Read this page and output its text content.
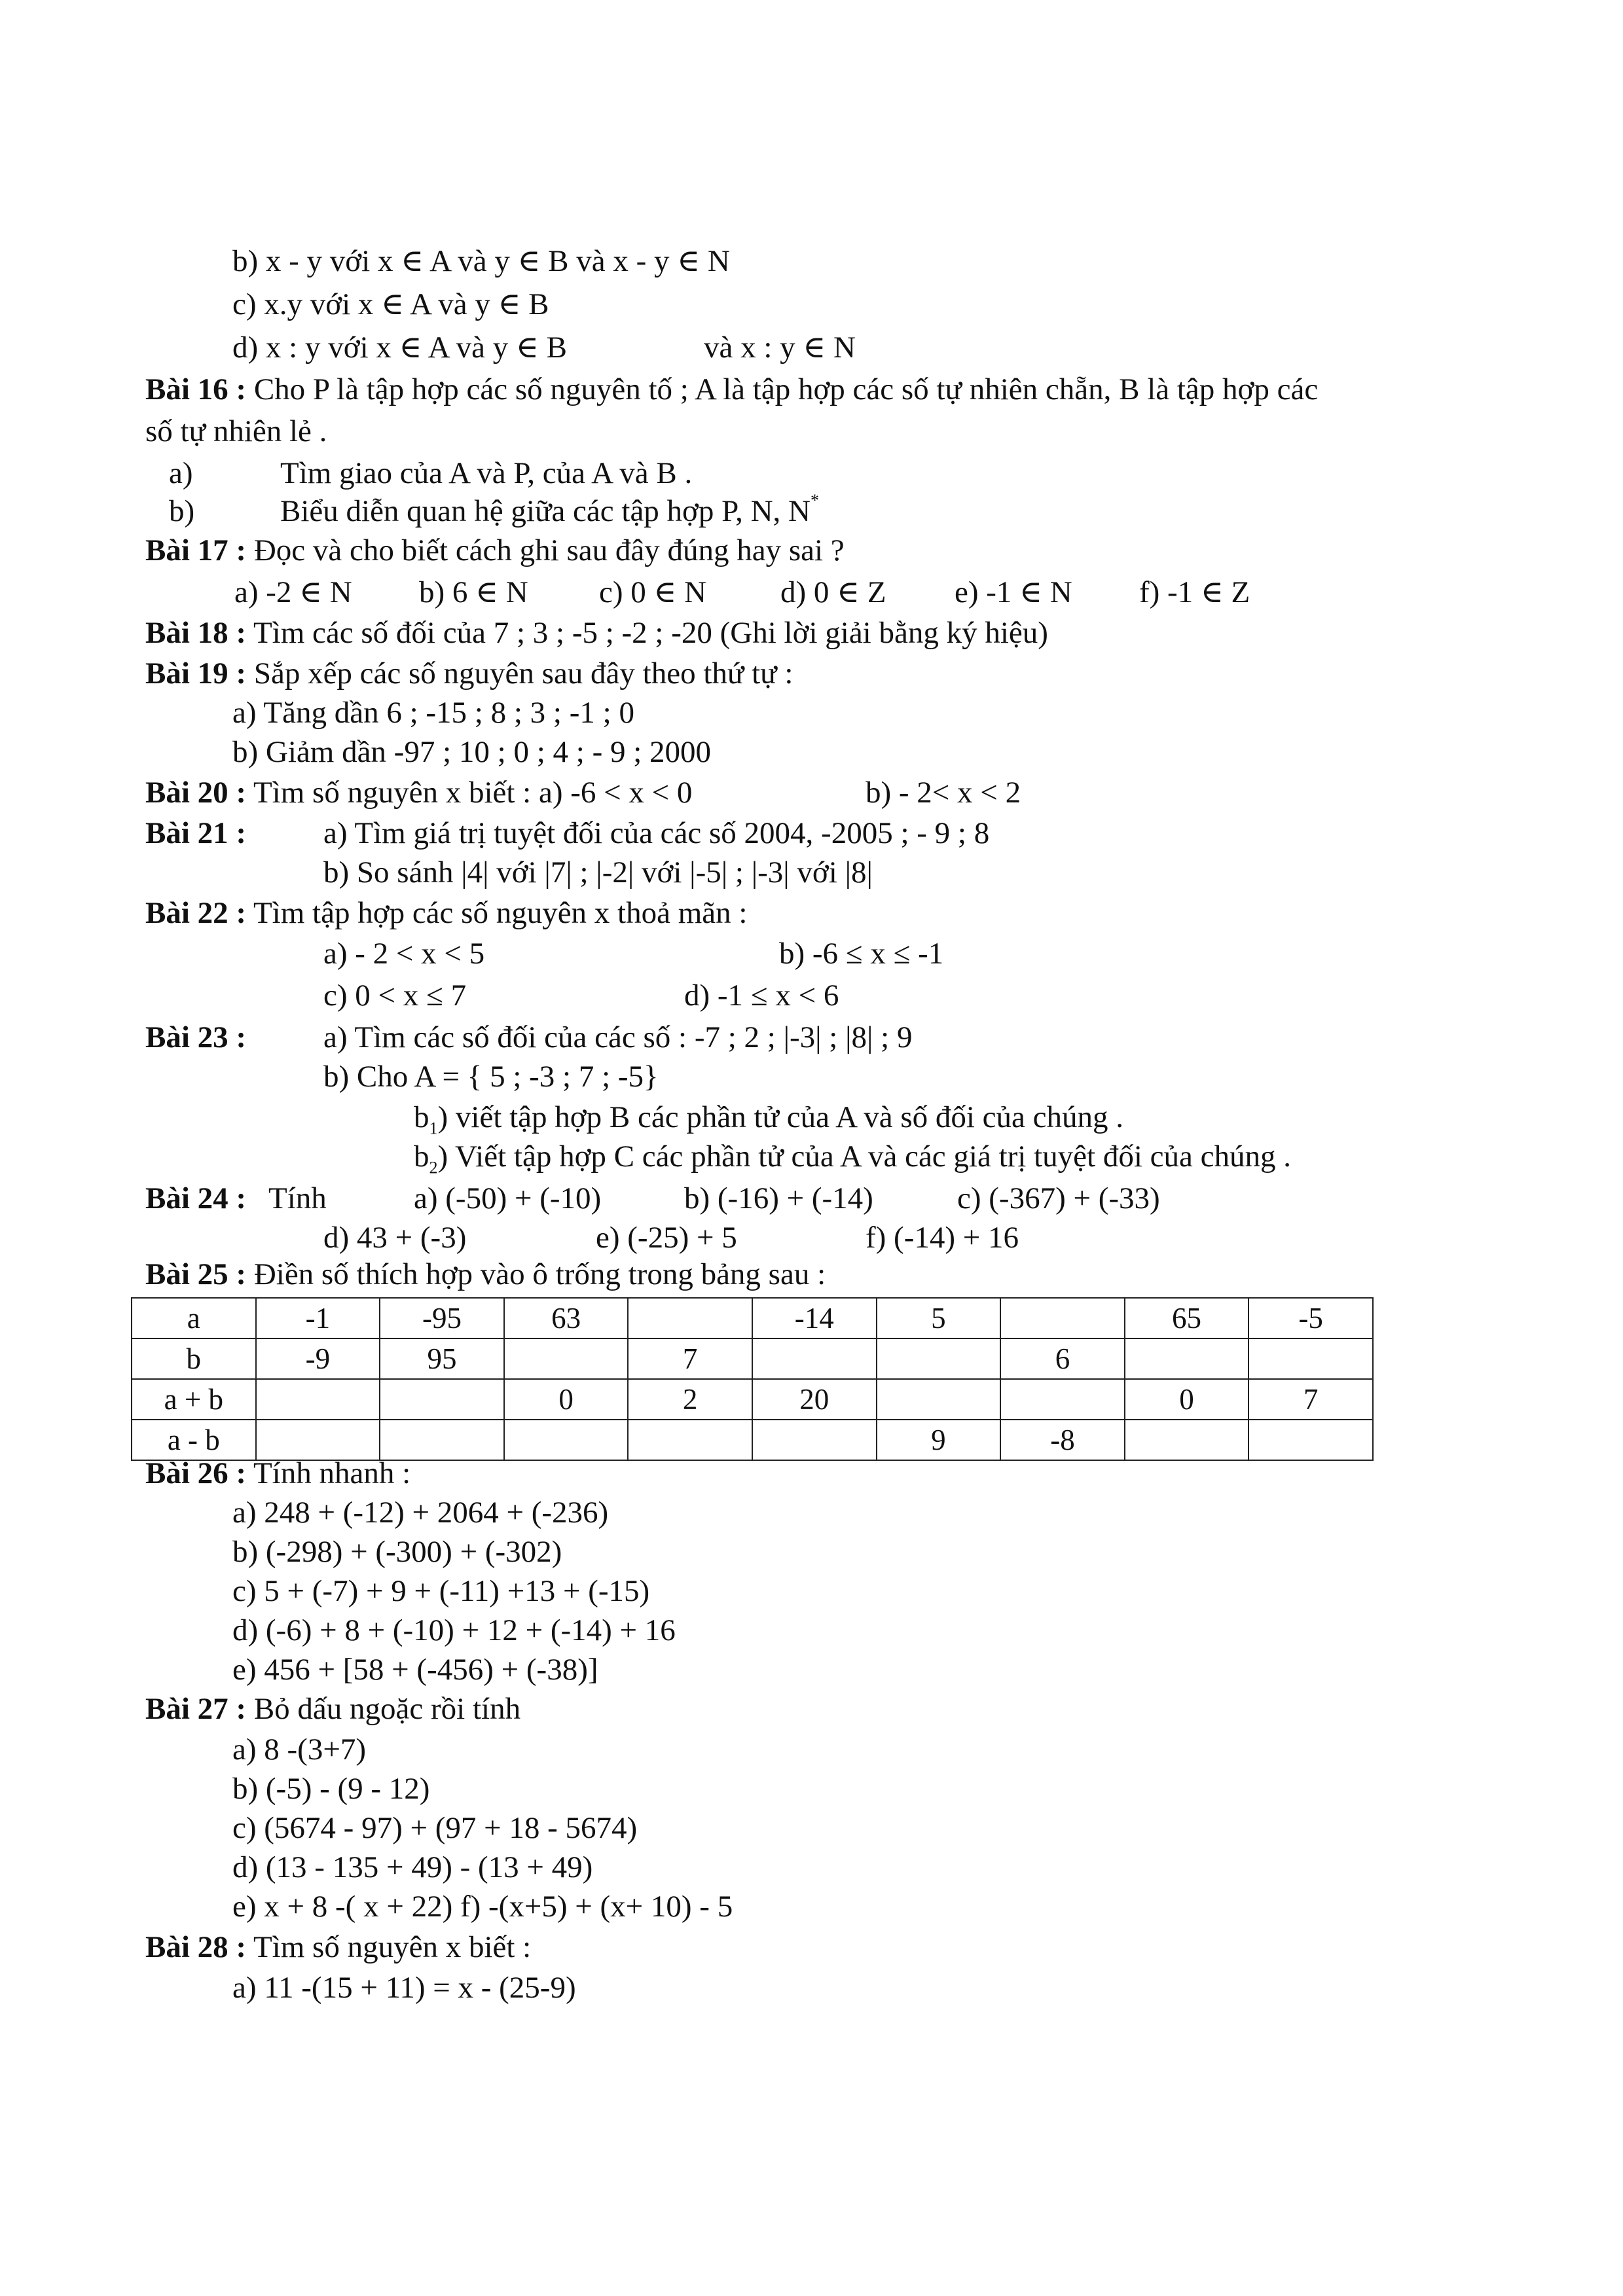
b) x - y với x ∈ A và y ∈ B và x - y ∈ N
c) x.y với x ∈ A và y ∈ B
d) x : y với x ∈ A và y ∈ B	và x : y ∈ N
Bài 16 : Cho P là tập hợp các số nguyên tố ; A là tập hợp các số tự nhiên chẵn, B là tập hợp các
số tự nhiên lẻ .
a)	Tìm giao của A và P, của A và B .
b)	Biểu diễn quan hệ giữa các tập hợp P, N, N*
Bài 17 : Đọc và cho biết cách ghi sau đây đúng hay sai ?
a) -2 ∈ N b) 6 ∈ N c) 0 ∈ N d) 0 ∈ Z e) -1 ∈ N f) -1 ∈ Z
Bài 18 : Tìm các số đối của 7 ; 3 ; -5 ; -2 ; -20 (Ghi lời giải bằng ký hiệu)
Bài 19 : Sắp xếp các số nguyên sau đây theo thứ tự :
a) Tăng dần 6 ; -15 ; 8 ; 3 ; -1 ; 0
b) Giảm dần -97 ; 10 ; 0 ; 4 ; - 9 ; 2000
Bài 20 : Tìm số nguyên x biết : a) -6 < x < 0	b) - 2< x < 2
Bài 21 :	a) Tìm giá trị tuyệt đối của các số 2004, -2005 ; - 9 ; 8
b) So sánh |4| với |7| ; |-2| với |-5| ; |-3| với |8|
Bài 22 : Tìm tập hợp các số nguyên x thoả mãn :
a) - 2 < x < 5	b) -6 ≤ x ≤ -1
c) 0 < x ≤ 7	d) -1 ≤ x < 6
Bài 23 :	a) Tìm các số đối của các số : -7 ; 2 ; |-3| ; |8| ; 9
b) Cho A = { 5 ; -3 ; 7 ; -5}
$b_1$) viết tập hợp B các phần tử của A và số đối của chúng .
$b_2$) Viết tập hợp C các phần tử của A và các giá trị tuyệt đối của chúng .
Bài 24 : Tính	a) (-50) + (-10)	b) (-16) + (-14)	c) (-367) + (-33)
d) 43 + (-3)	e) (-25) + 5	f) (-14) + 16
Bài 25 : Điền số thích hợp vào ô trống trong bảng sau :
a	-1	-95	63		-14	5		65	-5
b	-9	95		7			6		
a + b			0	2	20			0	7
a - b						9	-8		
Bài 26 : Tính nhanh :
a) 248 + (-12) + 2064 + (-236)
b) (-298) + (-300) + (-302)
c) 5 + (-7) + 9 + (-11) +13 + (-15)
d) (-6) + 8 + (-10) + 12 + (-14) + 16
e) 456 + [58 + (-456) + (-38)]
Bài 27 : Bỏ dấu ngoặc rồi tính
a) 8 -(3+7)
b) (-5) - (9 - 12)
c) (5674 - 97) + (97 + 18 - 5674)
d) (13 - 135 + 49) - (13 + 49)
e) x + 8 -( x + 22) f) -(x+5) + (x+ 10) - 5
Bài 28 : Tìm số nguyên x biết :
a) 11 -(15 + 11) = x - (25-9)
